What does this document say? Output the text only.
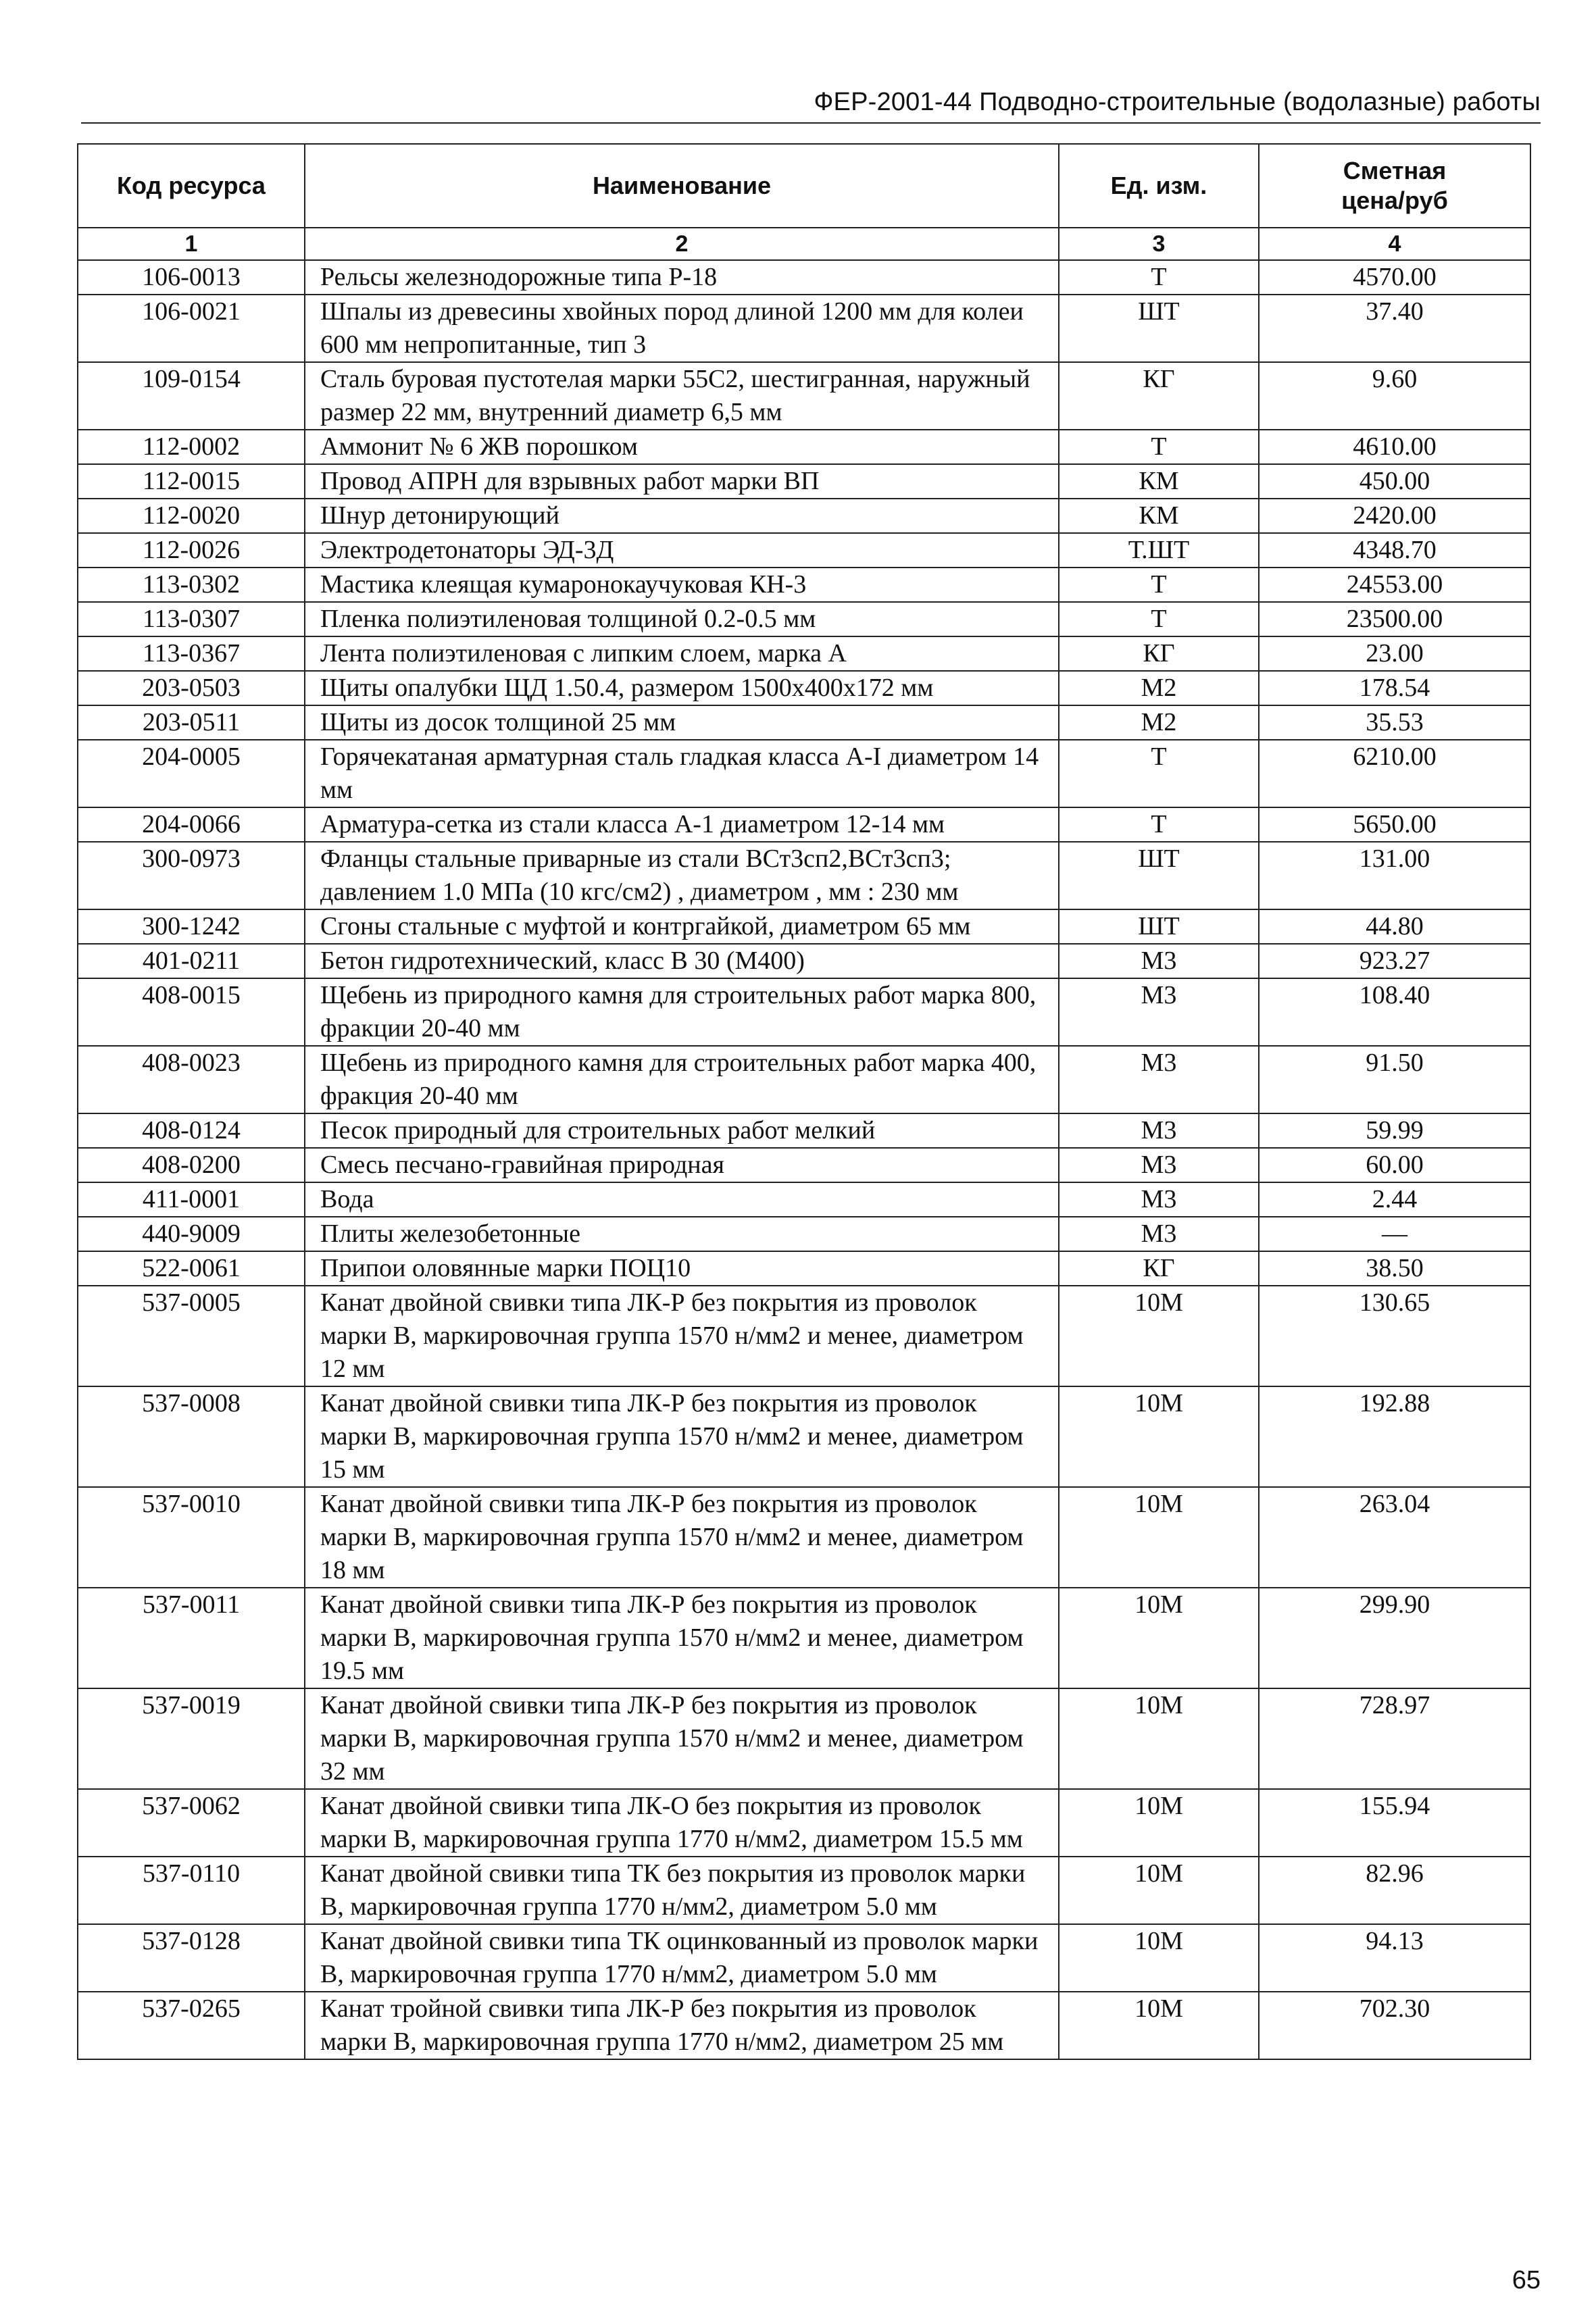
ФЕР-2001-44 Подводно-строительные (водолазные) работы
Код ресурса	Наименование	Ед. изм.	Сметная цена/руб
1	2	3	4
106-0013	Рельсы железнодорожные типа Р-18	Т	4570.00
106-0021	Шпалы из древесины хвойных пород длиной 1200 мм для колеи 600 мм непропитанные, тип 3	ШТ	37.40
109-0154	Сталь буровая пустотелая марки 55С2, шестигранная, наружный размер 22 мм, внутренний диаметр 6,5 мм	КГ	9.60
112-0002	Аммонит № 6 ЖВ порошком	Т	4610.00
112-0015	Провод АПРН для взрывных работ марки ВП	КМ	450.00
112-0020	Шнур детонирующий	КМ	2420.00
112-0026	Электродетонаторы ЭД-3Д	Т.ШТ	4348.70
113-0302	Мастика клеящая кумаронокаучуковая КН-3	Т	24553.00
113-0307	Пленка полиэтиленовая толщиной 0.2-0.5 мм	Т	23500.00
113-0367	Лента полиэтиленовая с липким слоем, марка А	КГ	23.00
203-0503	Щиты опалубки ЩД 1.50.4, размером 1500х400х172 мм	М2	178.54
203-0511	Щиты из досок толщиной 25 мм	М2	35.53
204-0005	Горячекатаная арматурная сталь гладкая класса А-I диаметром 14 мм	Т	6210.00
204-0066	Арматура-сетка из стали класса А-1 диаметром 12-14 мм	Т	5650.00
300-0973	Фланцы стальные приварные из стали ВСт3сп2,ВСт3сп3; давлением 1.0 МПа (10 кгс/см2) , диаметром , мм : 230 мм	ШТ	131.00
300-1242	Сгоны стальные с муфтой и контргайкой, диаметром 65 мм	ШТ	44.80
401-0211	Бетон гидротехнический, класс В 30 (М400)	М3	923.27
408-0015	Щебень из природного камня для строительных работ марка 800, фракции 20-40 мм	М3	108.40
408-0023	Щебень из природного камня для строительных работ марка 400, фракция 20-40 мм	М3	91.50
408-0124	Песок природный для строительных работ мелкий	М3	59.99
408-0200	Смесь песчано-гравийная природная	М3	60.00
411-0001	Вода	М3	2.44
440-9009	Плиты железобетонные	М3	—
522-0061	Припои оловянные марки ПОЦ10	КГ	38.50
537-0005	Канат двойной свивки типа ЛК-Р без покрытия из проволок марки В, маркировочная группа 1570 н/мм2 и менее, диаметром 12 мм	10М	130.65
537-0008	Канат двойной свивки типа ЛК-Р без покрытия из проволок марки В, маркировочная группа 1570 н/мм2 и менее, диаметром 15 мм	10М	192.88
537-0010	Канат двойной свивки типа ЛК-Р без покрытия из проволок марки В, маркировочная группа 1570 н/мм2 и менее, диаметром 18 мм	10М	263.04
537-0011	Канат двойной свивки типа ЛК-Р без покрытия из проволок марки В, маркировочная группа 1570 н/мм2 и менее, диаметром 19.5 мм	10М	299.90
537-0019	Канат двойной свивки типа ЛК-Р без покрытия из проволок марки В, маркировочная группа 1570 н/мм2 и менее, диаметром 32 мм	10М	728.97
537-0062	Канат двойной свивки типа ЛК-О без покрытия из проволок марки В, маркировочная группа 1770 н/мм2, диаметром 15.5 мм	10М	155.94
537-0110	Канат двойной свивки типа ТК без покрытия из проволок марки В, маркировочная группа 1770 н/мм2, диаметром 5.0 мм	10М	82.96
537-0128	Канат двойной свивки типа ТК оцинкованный из проволок марки В, маркировочная группа 1770 н/мм2, диаметром 5.0 мм	10М	94.13
537-0265	Канат тройной свивки типа ЛК-Р без покрытия из проволок марки В, маркировочная группа 1770 н/мм2, диаметром 25 мм	10М	702.30
65
